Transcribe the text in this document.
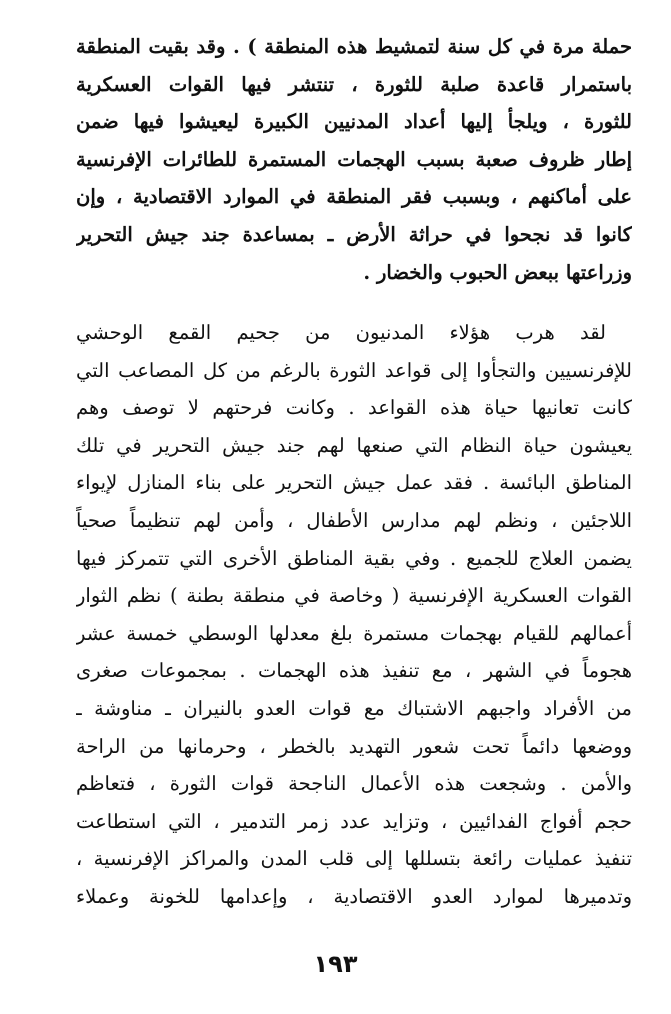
حملة مرة في كل سنة لتمشيط هذه المنطقة ) . وقد بقيت المنطقة
باستمرار قاعدة صلبة للثورة ، تنتشر فيها القوات العسكرية
للثورة ، ويلجأ إليها أعداد المدنيين الكبيرة ليعيشوا فيها ضمن
إطار ظروف صعبة بسبب الهجمات المستمرة للطائرات الإفرنسية
على أماكنهم ، وبسبب فقر المنطقة في الموارد الاقتصادية ، وإن
كانوا قد نجحوا في حراثة الأرض ـ بمساعدة جند جيش التحرير
وزراعتها ببعض الحبوب والخضار .
لقد هرب هؤلاء المدنيون من جحيم القمع الوحشي
للإفرنسيين والتجأوا إلى قواعد الثورة بالرغم من كل المصاعب التي
كانت تعانيها حياة هذه القواعد . وكانت فرحتهم لا توصف وهم
يعيشون حياة النظام التي صنعها لهم جند جيش التحرير في تلك
المناطق البائسة . فقد عمل جيش التحرير على بناء المنازل لإيواء
اللاجئين ، ونظم لهم مدارس الأطفال ، وأمن لهم تنظيماً صحياً
يضمن العلاج للجميع . وفي بقية المناطق الأخرى التي تتمركز فيها
القوات العسكرية الإفرنسية ( وخاصة في منطقة بطنة ) نظم الثوار
أعمالهم للقيام بهجمات مستمرة بلغ معدلها الوسطي خمسة عشر
هجوماً في الشهر ، مع تنفيذ هذه الهجمات . بمجموعات صغرى
من الأفراد واجبهم الاشتباك مع قوات العدو بالنيران ـ مناوشة ـ
ووضعها دائماً تحت شعور التهديد بالخطر ، وحرمانها من الراحة
والأمن . وشجعت هذه الأعمال الناجحة قوات الثورة ، فتعاظم
حجم أفواج الفدائيين ، وتزايد عدد زمر التدمير ، التي استطاعت
تنفيذ عمليات رائعة بتسللها إلى قلب المدن والمراكز الإفرنسية ،
وتدميرها لموارد العدو الاقتصادية ، وإعدامها للخونة وعملاء
١٩٣
